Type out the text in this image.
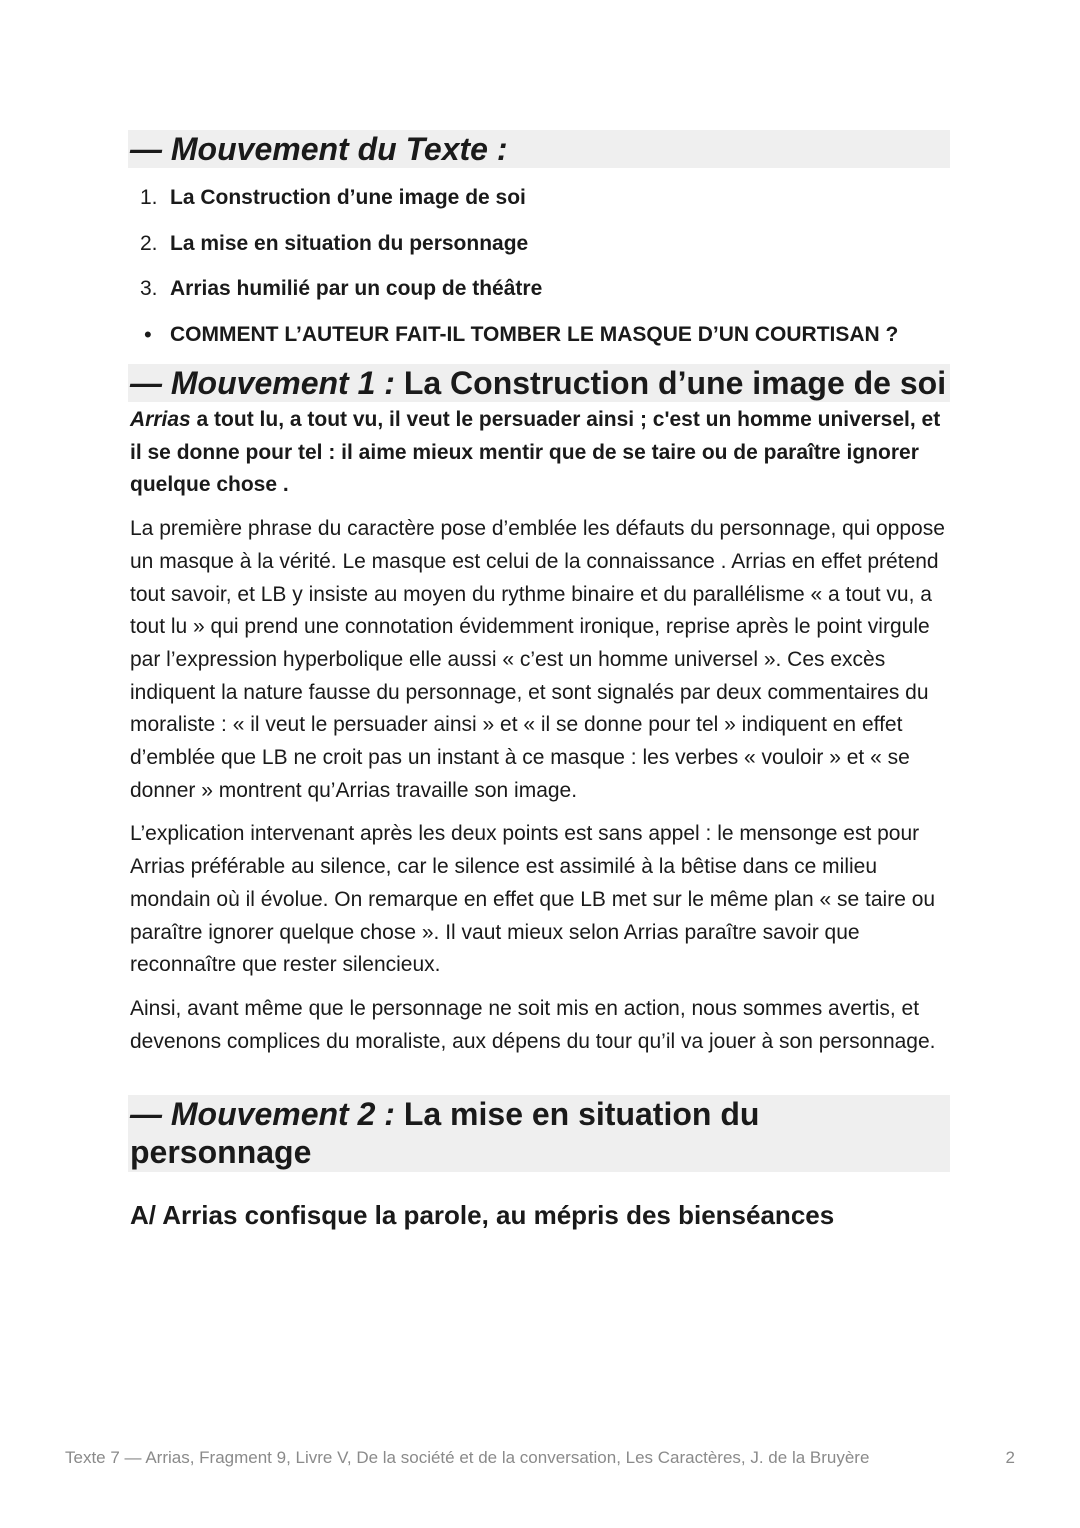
— Mouvement du Texte :
1. La Construction d’une image de soi
2. La mise en situation du personnage
3. Arrias humilié par un coup de théâtre
• COMMENT L’AUTEUR FAIT-IL TOMBER LE MASQUE D’UN COURTISAN ?
— Mouvement 1 : La Construction d’une image de soi

Arrias a tout lu, a tout vu, il veut le persuader ainsi ; c'est un homme universel, et il se donne pour tel : il aime mieux mentir que de se taire ou de paraître ignorer quelque chose .

La première phrase du caractère pose d’emblée les défauts du personnage, qui oppose un masque à la vérité. Le masque est celui de la connaissance . Arrias en effet prétend tout savoir, et LB y insiste au moyen du rythme binaire et du parallélisme « a tout vu, a tout lu » qui prend une connotation évidemment ironique, reprise après le point virgule par l’expression hyperbolique elle aussi « c’est un homme universel ». Ces excès indiquent la nature fausse du personnage, et sont signalés par deux commentaires du moraliste : « il veut le persuader ainsi » et « il se donne pour tel » indiquent en effet d’emblée que LB ne croit pas un instant à ce masque : les verbes « vouloir » et « se donner » montrent qu’Arrias travaille son image.

L’explication intervenant après les deux points est sans appel : le mensonge est pour Arrias préférable au silence, car le silence est assimilé à la bêtise dans ce milieu mondain où il évolue. On remarque en effet que LB met sur le même plan « se taire ou paraître ignorer quelque chose ». Il vaut mieux selon Arrias paraître savoir que reconnaître que rester silencieux.

Ainsi, avant même que le personnage ne soit mis en action, nous sommes avertis, et devenons complices du moraliste, aux dépens du tour qu’il va jouer à son personnage.

— Mouvement 2 : La mise en situation du personnage
A/ Arrias confisque la parole, au mépris des bienséances
Texte 7 — Arrias, Fragment 9, Livre V, De la société et de la conversation, Les Caractères, J. de la Bruyère	2
